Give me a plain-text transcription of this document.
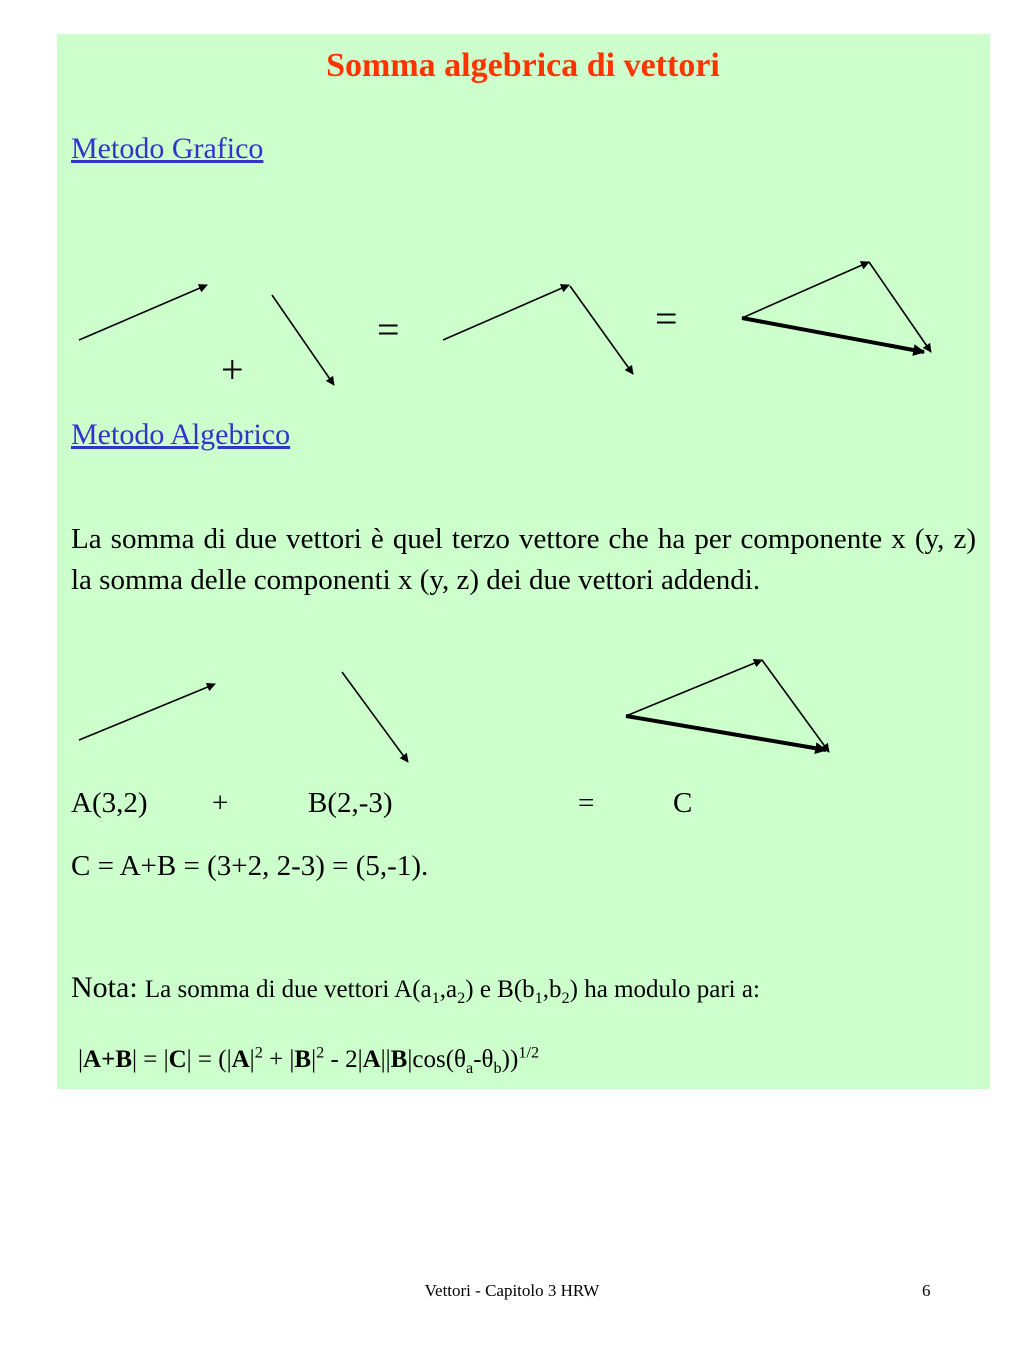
Somma algebrica di vettori
Metodo Grafico
+
=	=
Metodo Algebrico
La somma di due vettori è quel terzo vettore che ha per componente x (y, z) la somma delle componenti x (y, z) dei due vettori addendi.
A(3,2) +	B(2,-3)	=	C
C = A+B = (3+2, 2-3) = (5,-1).
Nota: La somma di due vettori $A(a_1,a_2)$ e $B(b_1,b_2)$ ha modulo pari a:
$|A+B| = |C| = (|A|^2 + |B|^2 - 2|A||B|\cos(\theta_a-\theta_b))^{1/2}$
Vettori - Capitolo 3 HRW	6
